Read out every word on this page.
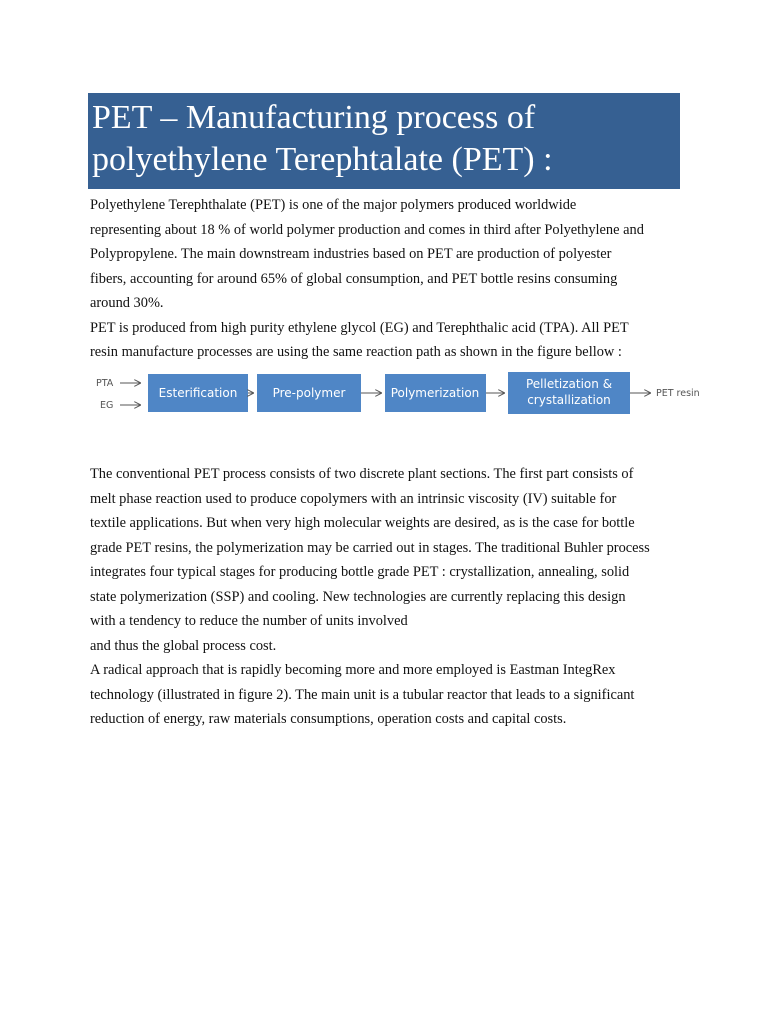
PET – Manufacturing process of
polyethylene Terephtalate (PET) :
Polyethylene Terephthalate (PET) is one of the major polymers produced worldwide
representing about 18 % of world polymer production and comes in third after Polyethylene and
Polypropylene. The main downstream industries based on PET are production of polyester
fibers, accounting for around 65% of global consumption, and PET bottle resins consuming
around 30%.
PET is produced from high purity ethylene glycol (EG) and Terephthalic acid (TPA). All PET
resin manufacture processes are using the same reaction path as shown in the figure bellow :
PTA
EG
Esterification	Pre-polymer	Polymerization
Pelletization &
crystallization	PET resin
The conventional PET process consists of two discrete plant sections. The first part consists of
melt phase reaction used to produce copolymers with an intrinsic viscosity (IV) suitable for
textile applications. But when very high molecular weights are desired, as is the case for bottle
grade PET resins, the polymerization may be carried out in stages. The traditional Buhler process
integrates four typical stages for producing bottle grade PET : crystallization, annealing, solid
state polymerization (SSP) and cooling. New technologies are currently replacing this design
with a tendency to reduce the number of units involved
and thus the global process cost.
A radical approach that is rapidly becoming more and more employed is Eastman IntegRex
technology (illustrated in figure 2). The main unit is a tubular reactor that leads to a significant
reduction of energy, raw materials consumptions, operation costs and capital costs.
